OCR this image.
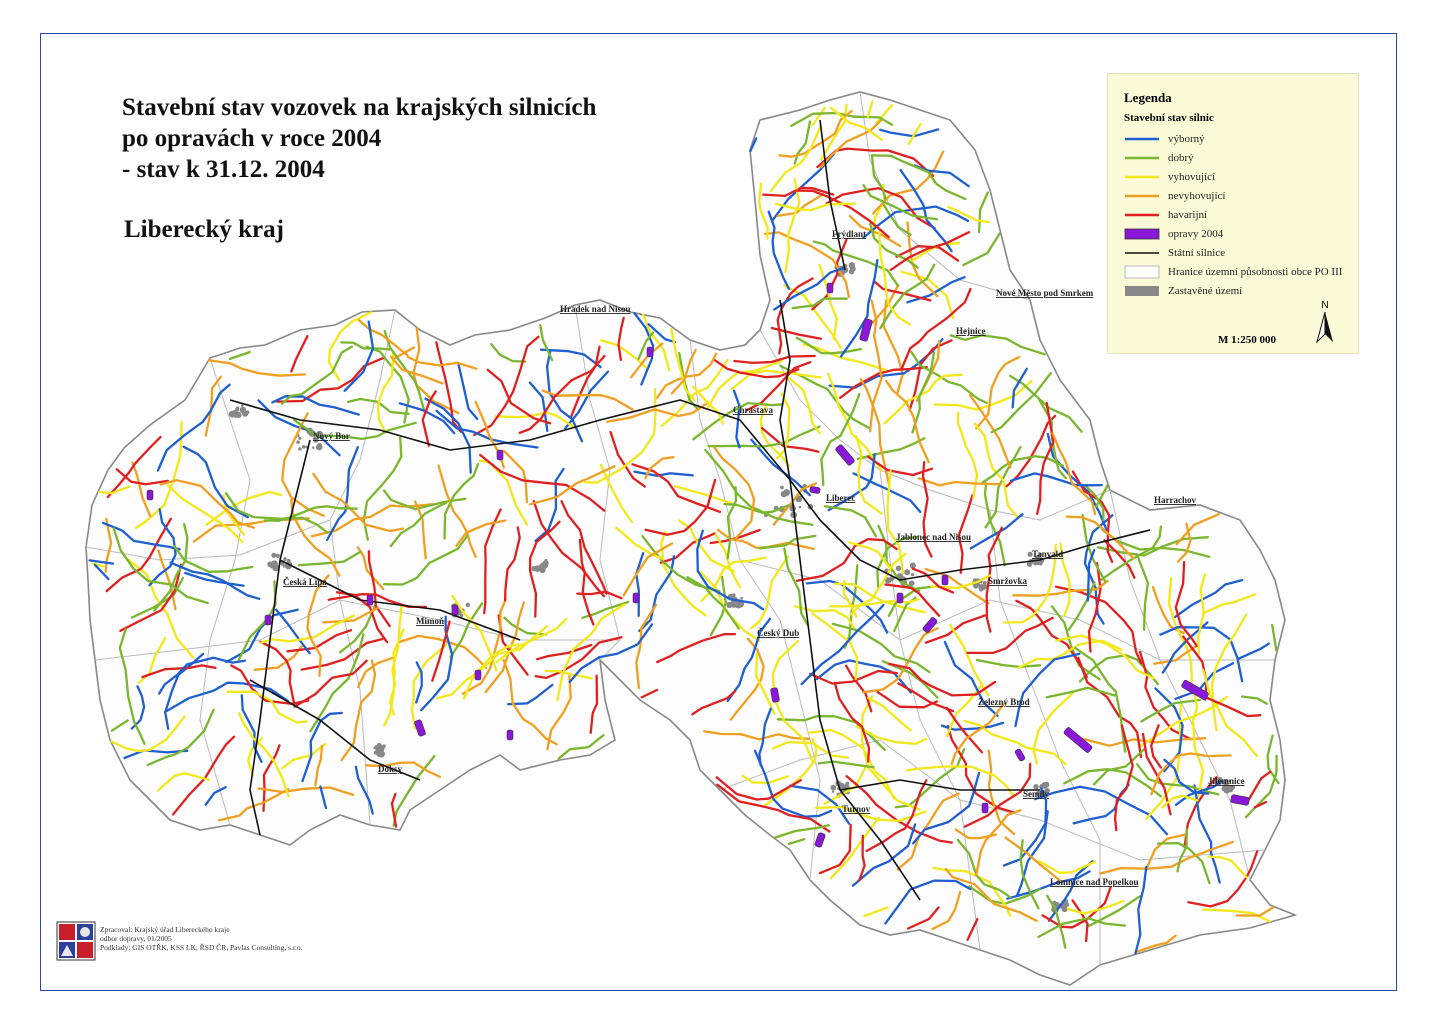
Frýdlant
Hrádek nad Nisou
Nové Město pod Smrkem
Hejnice
Chrastava
Nový Bor
Liberec	Harrachov
Jablonec nad Nisou
Tanvald
Smržovka
Česká Lípa
Mimoň
Český Dub
Železný Brod
Doksy
Semily
Jilemnice
Turnov
Lomnice nad Popelkou
Stavební stav vozovek na krajských silnicích
po opravách v roce 2004
- stav k 31.12. 2004
Liberecký kraj
Legenda
Stavební stav silnic
výborný
dobrý
vyhovující
nevyhovující
havarijní
opravy 2004
Státní silnice
Hranice územní působnosti obce PO III
Zastavěné území
M 1:250 000
N
Zpracoval: Krajský úřad Libereckého kraje
odbor dopravy, 01/2005
Podklady: GIS OTŘK, KSS LK, ŘSD ČR, Pavlas Consulting, s.r.o.
